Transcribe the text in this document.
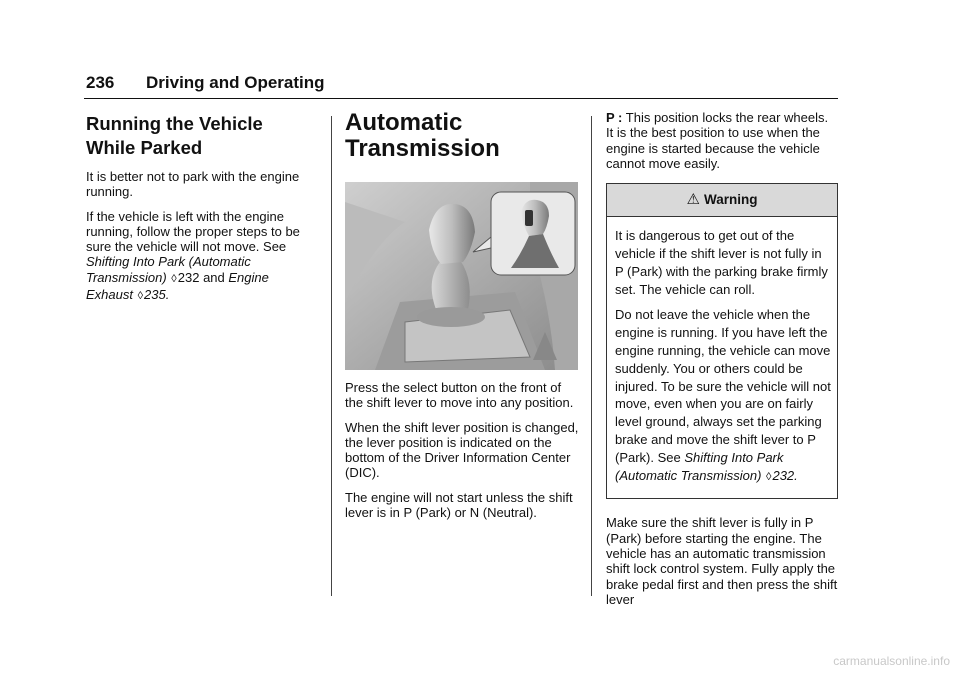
236 Driving and Operating
Running the Vehicle While Parked

It is better not to park with the engine running.

If the vehicle is left with the engine running, follow the proper steps to be sure the vehicle will not move. See Shifting Into Park (Automatic Transmission) ◊232 and Engine Exhaust ◊235.

Automatic Transmission

Press the select button on the front of the shift lever to move into any position.

When the shift lever position is changed, the lever position is indicated on the bottom of the Driver Information Center (DIC).

The engine will not start unless the shift lever is in P (Park) or N (Neutral).

P : This position locks the rear wheels. It is the best position to use when the engine is started because the vehicle cannot move easily.

⚠ Warning

It is dangerous to get out of the vehicle if the shift lever is not fully in P (Park) with the parking brake firmly set. The vehicle can roll.

Do not leave the vehicle when the engine is running. If you have left the engine running, the vehicle can move suddenly. You or others could be injured. To be sure the vehicle will not move, even when you are on fairly level ground, always set the parking brake and move the shift lever to P (Park). See Shifting Into Park (Automatic Transmission) ◊232.

Make sure the shift lever is fully in P (Park) before starting the engine. The vehicle has an automatic transmission shift lock control system. Fully apply the brake pedal first and then press the shift lever

carmanualsonline.info
